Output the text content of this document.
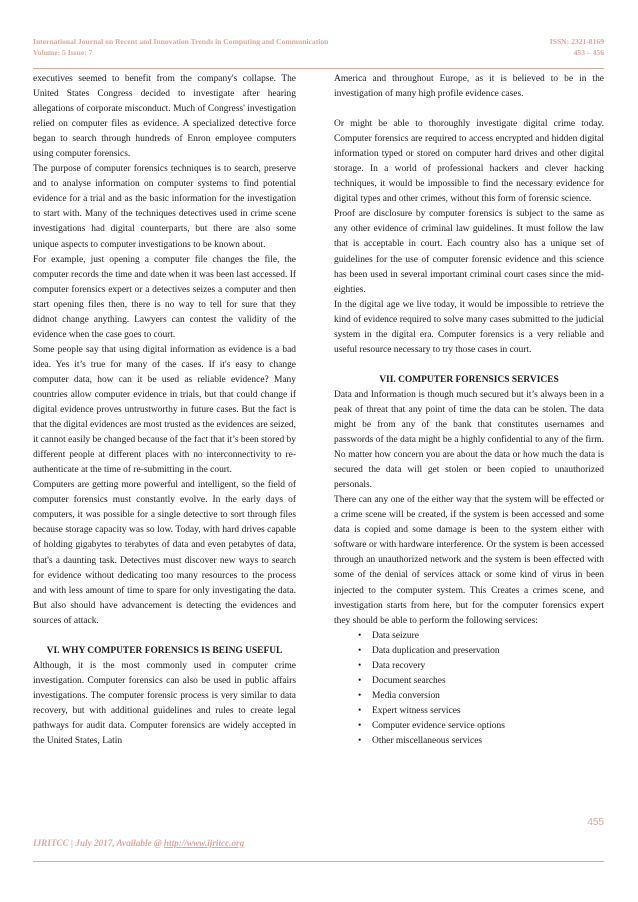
International Journal on Recent and Innovation Trends in Computing and Communication
Volume: 5 Issue: 7
ISSN: 2321-8169
453 – 456

executives seemed to benefit from the company's collapse. The United States Congress decided to investigate after hearing allegations of corporate misconduct. Much of Congress' investigation relied on computer files as evidence. A specialized detective force began to search through hundreds of Enron employee computers using computer forensics.

The purpose of computer forensics techniques is to search, preserve and to analyse information on computer systems to find potential evidence for a trial and as the basic information for the investigation to start with. Many of the techniques detectives used in crime scene investigations had digital counterparts, but there are also some unique aspects to computer investigations to be known about.

For example, just opening a computer file changes the file, the computer records the time and date when it was been last accessed. If computer forensics expert or a detectives seizes a computer and then start opening files then, there is no way to tell for sure that they didnot change anything. Lawyers can contest the validity of the evidence when the case goes to court.

Some people say that using digital information as evidence is a bad idea. Yes it’s true for many of the cases. If it's easy to change computer data, how can it be used as reliable evidence? Many countries allow computer evidence in trials, but that could change if digital evidence proves untrustworthy in future cases. But the fact is that the digital evidences are most trusted as the evidences are seized, it cannot easily be changed because of the fact that it’s been stored by different people at different places with no interconnectivity to re-authenticate at the time of re-submitting in the court.

Computers are getting more powerful and intelligent, so the field of computer forensics must constantly evolve. In the early days of computers, it was possible for a single detective to sort through files because storage capacity was so low. Today, with hard drives capable of holding gigabytes to terabytes of data and even petabytes of data, that's a daunting task. Detectives must discover new ways to search for evidence without dedicating too many resources to the process and with less amount of time to spare for only investigating the data. But also should have advancement is detecting the evidences and sources of attack.

VI. WHY COMPUTER FORENSICS IS BEING USEFUL

Although, it is the most commonly used in computer crime investigation. Computer forensics can also be used in public affairs investigations. The computer forensic process is very similar to data recovery, but with additional guidelines and rules to create legal pathways for audit data. Computer forensics are widely accepted in the United States, Latin

America and throughout Europe, as it is believed to be in the investigation of many high profile evidence cases.

Or might be able to thoroughly investigate digital crime today. Computer forensics are required to access encrypted and hidden digital information typed or stored on computer hard drives and other digital storage. In a world of professional hackers and clever hacking techniques, it would be impossible to find the necessary evidence for digital types and other crimes, without this form of forensic science.

Proof are disclosure by computer forensics is subject to the same as any other evidence of criminal law guidelines. It must follow the law that is acceptable in court. Each country also has a unique set of guidelines for the use of computer forensic evidence and this science has been used in several important criminal court cases since the mid-eighties.

In the digital age we live today, it would be impossible to retrieve the kind of evidence required to solve many cases submitted to the judicial system in the digital era. Computer forensics is a very reliable and useful resource necessary to try those cases in court.

VII. COMPUTER FORENSICS SERVICES

Data and Information is though much secured but it’s always been in a peak of threat that any point of time the data can be stolen. The data might be from any of the bank that constitutes usernames and passwords of the data might be a highly confidential to any of the firm. No matter how concern you are about the data or how much the data is secured the data will get stolen or been copied to unauthorized personals.

There can any one of the either way that the system will be effected or a crime scene will be created, if the system is been accessed and some data is copied and some damage is been to the system either with software or with hardware interference. Or the system is been accessed through an unauthorized network and the system is been effected with some of the denial of services attack or some kind of virus in been injected to the computer system. This Creates a crimes scene, and investigation starts from here, but for the computer forensics expert they should be able to perform the following services:

• Data seizure
• Data duplication and preservation
• Data recovery
• Document searches
• Media conversion
• Expert witness services
• Computer evidence service options
• Other miscellaneous services
455
IJRITCC | July 2017, Available @ http://www.ijritcc.org
